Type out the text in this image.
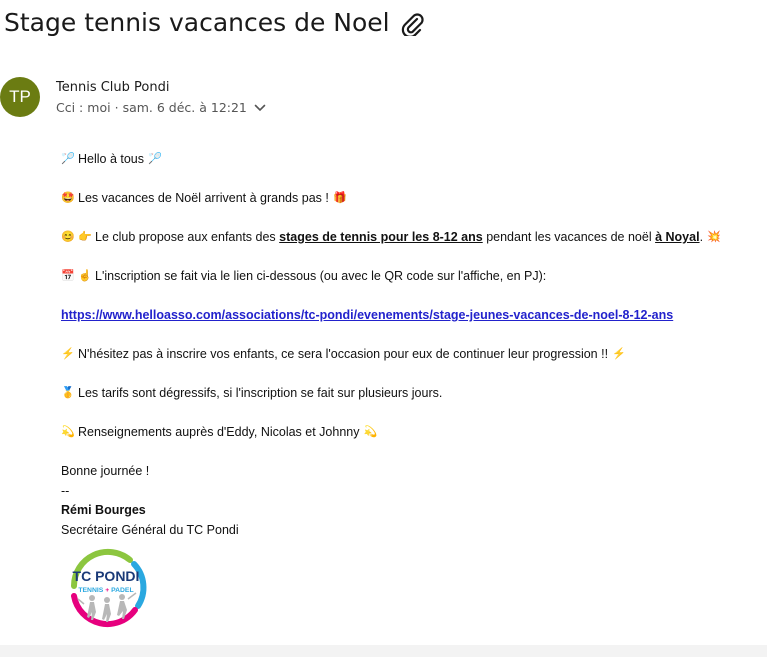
Stage tennis vacances de Noel
TP Tennis Club Pondi
Cci : moi · sam. 6 déc. à 12:21
🏸 Hello à tous 🏸
🤩 Les vacances de Noël arrivent à grands pas ! 🎁
😊 👉 Le club propose aux enfants des
stages de tennis pour les 8-12 ans
pendant les vacances de noël
à Noyal . 💥
📅 ☝ L'inscription se fait via le lien ci-dessous (ou avec le QR code sur l'affiche, en PJ):
https://www.helloasso.com/associations/tc-pondi/evenements/stage-jeunes-vacances-de-noel-8-12-ans
⚡ N'hésitez pas à inscrire vos enfants, ce sera l'occasion pour eux de continuer leur progression !! ⚡
🥇 Les tarifs sont dégressifs, si l'inscription se fait sur plusieurs jours.
💫 Renseignements auprès d'Eddy, Nicolas et Johnny 💫
Bonne journée !
--
Rémi Bourges
Secrétaire Général du TC Pondi
TC PONDI
TENNIS + PADEL
